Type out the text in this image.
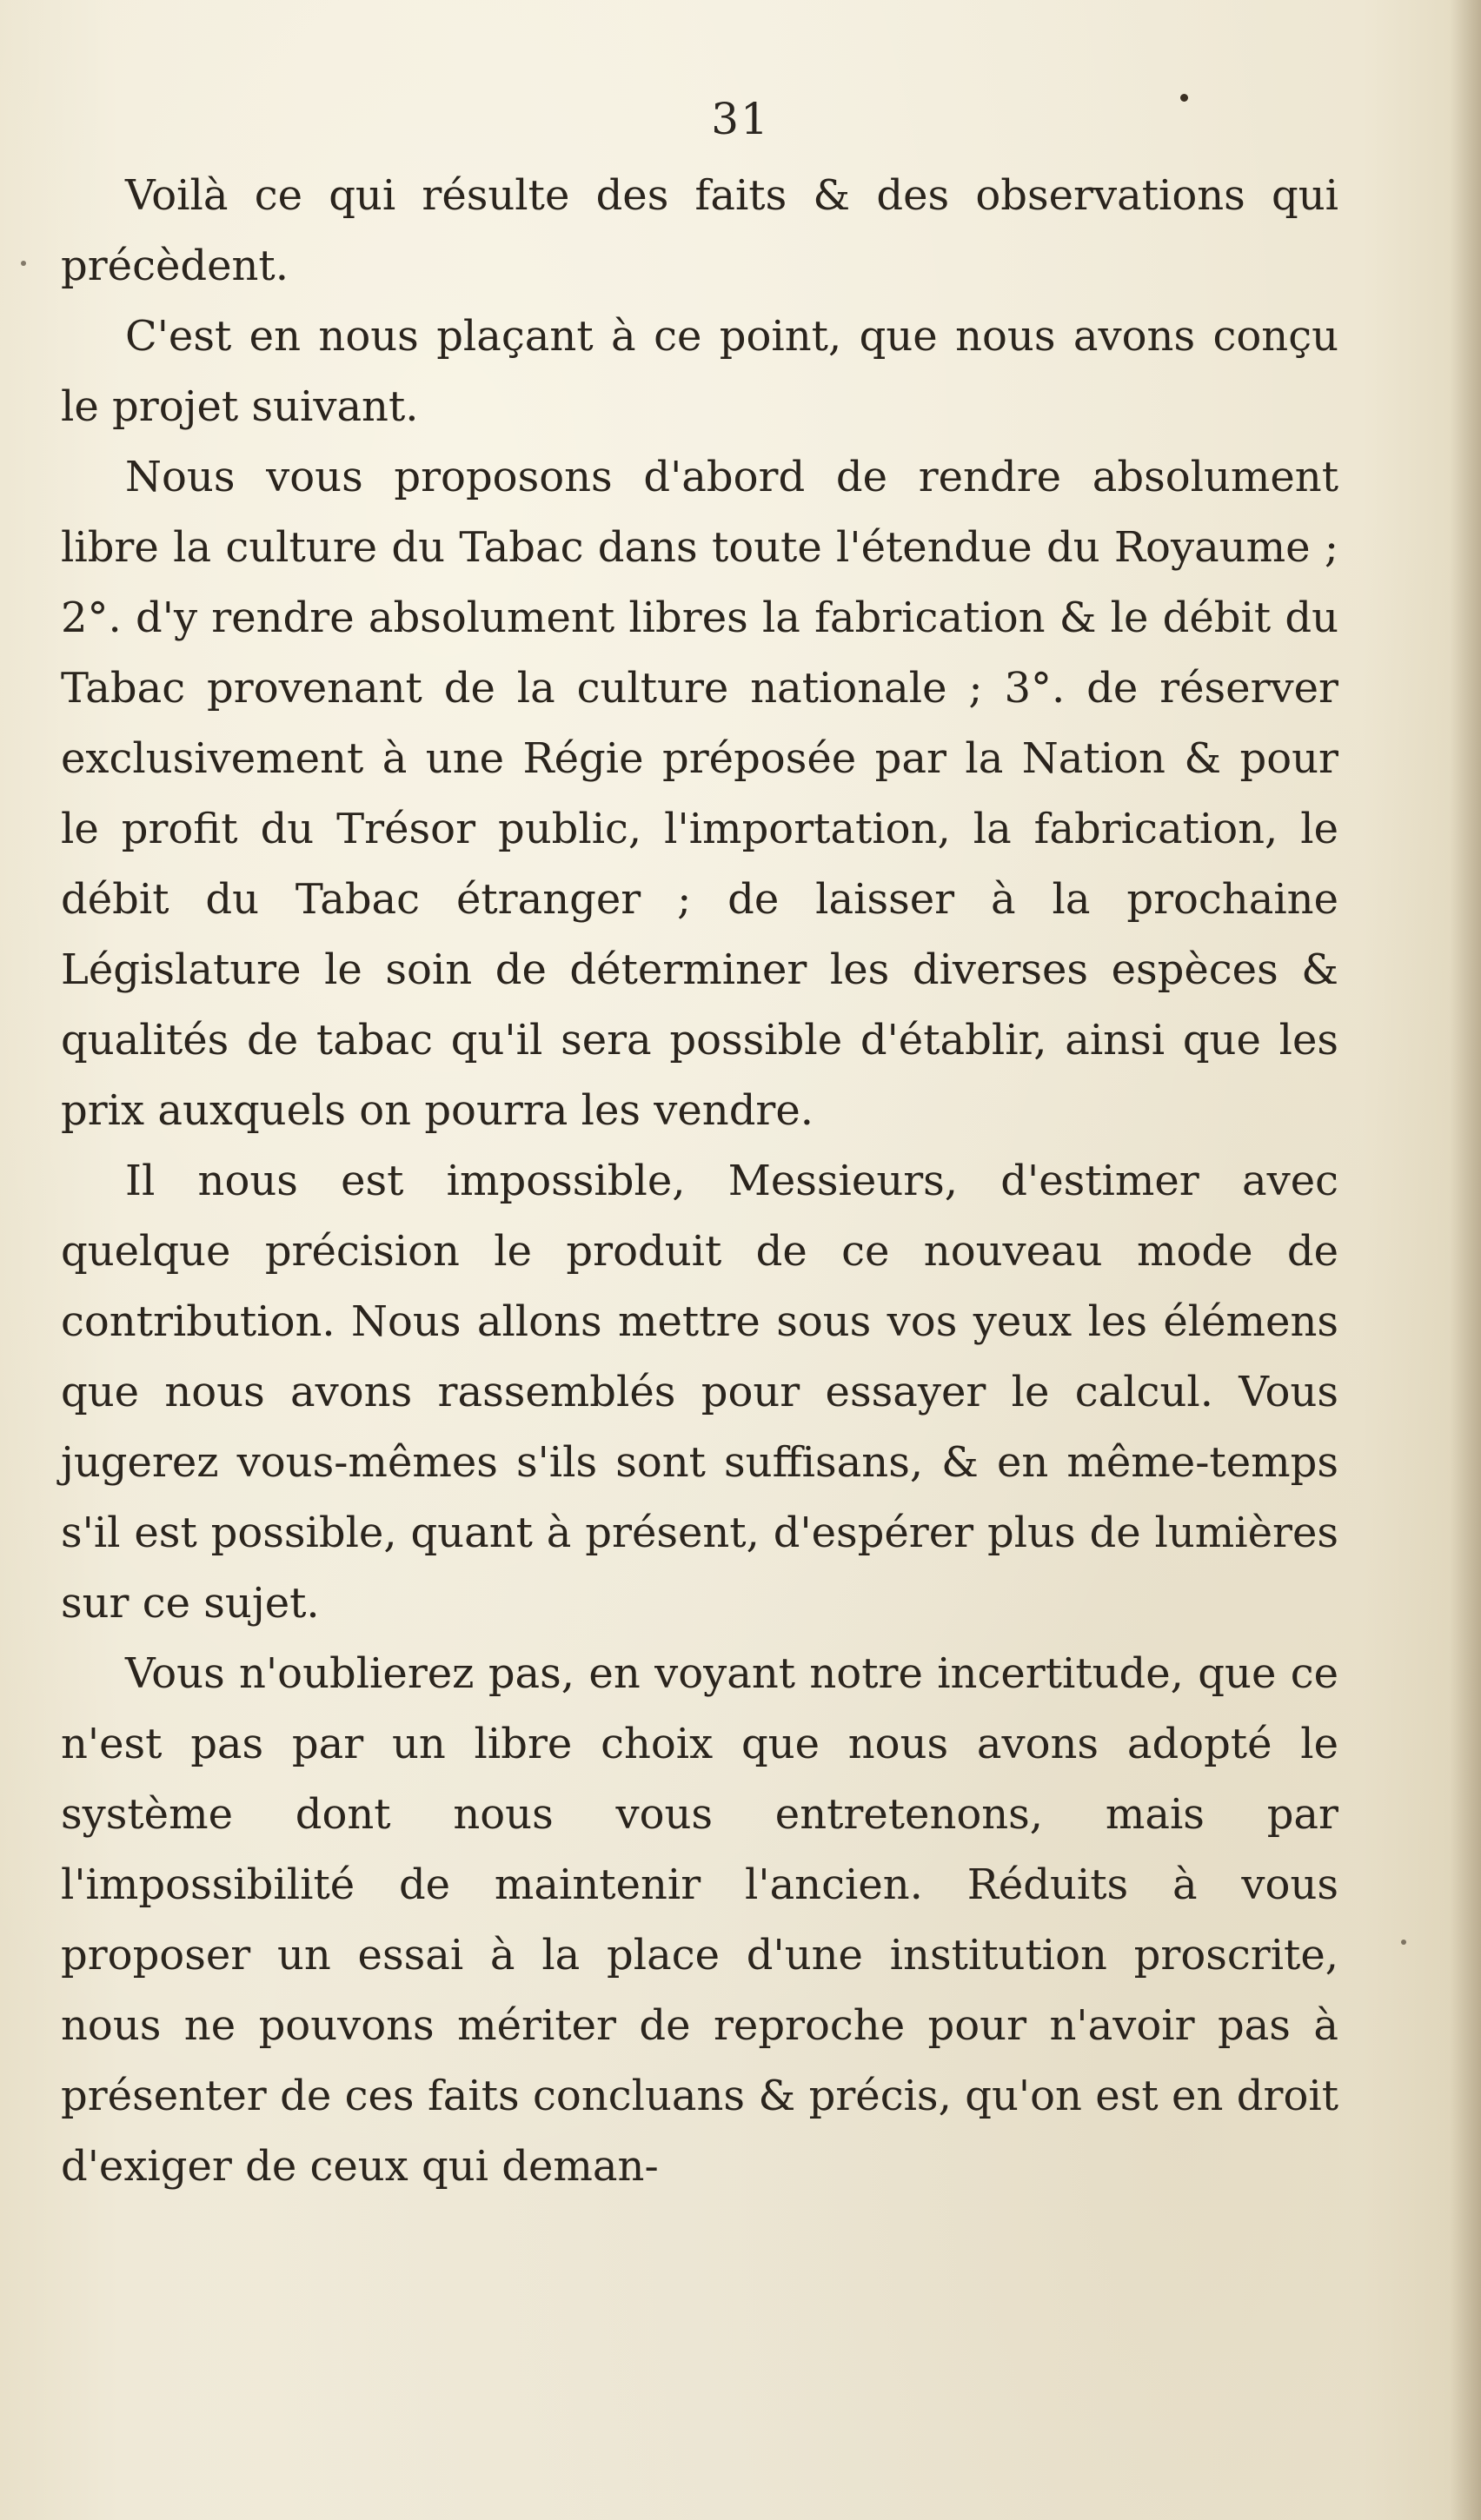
31

Voilà ce qui résulte des faits & des observations qui précèdent.

C'est en nous plaçant à ce point, que nous avons conçu le projet suivant.

Nous vous proposons d'abord de rendre absolument libre la culture du Tabac dans toute l'étendue du Royaume ; 2°. d'y rendre absolument libres la fabrication & le débit du Tabac provenant de la culture nationale ; 3°. de réserver exclusivement à une Régie préposée par la Nation & pour le profit du Trésor public, l'importation, la fabrication, le débit du Tabac étranger ; de laisser à la prochaine Législature le soin de déterminer les diverses espèces & qualités de tabac qu'il sera possible d'établir, ainsi que les prix auxquels on pourra les vendre.

Il nous est impossible, Messieurs, d'estimer avec quelque précision le produit de ce nouveau mode de contribution. Nous allons mettre sous vos yeux les élémens que nous avons rassemblés pour essayer le calcul. Vous jugerez vous-mêmes s'ils sont suffisans, & en même-temps s'il est possible, quant à présent, d'espérer plus de lumières sur ce sujet.

Vous n'oublierez pas, en voyant notre incertitude, que ce n'est pas par un libre choix que nous avons adopté le système dont nous vous entretenons, mais par l'impossibilité de maintenir l'ancien. Réduits à vous proposer un essai à la place d'une institution proscrite, nous ne pouvons mériter de reproche pour n'avoir pas à présenter de ces faits concluans & précis, qu'on est en droit d'exiger de ceux qui deman-
